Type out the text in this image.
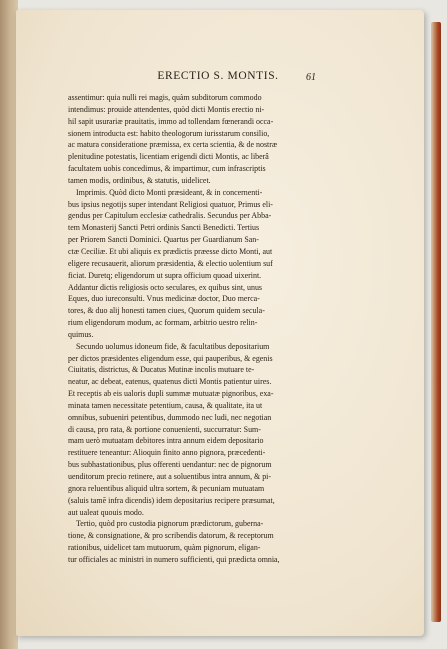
ERECTIO S. MONTIS.	61
assentimur: quia nulli rei magis, quàm subditorum commodo
intendimus: prouide attendentes, quòd dicti Montis erectio ni-
hil sapit usurariæ prauitatis, immo ad tollendam fœnerandi occa-
sionem introducta est: habito theologorum iurisstarum consilio,
ac matura consideratione præmissa, ex certa scientia, & de nostræ
plenitudine potestatis, licentiam erigendi dicti Montis, ac liberâ
facultatem uobis concedimus, & impartimur, cum infrascriptis
tamen modis, ordinibus, & statutis, uidelicet.
Imprimis. Quòd dicto Monti præsideant, & in concernenti-
bus ipsius negotijs super intendant Religiosi quatuor, Primus eli-
gendus per Capitulum ecclesiæ cathedralis. Secundus per Abba-
tem Monasterij Sancti Petri ordinis Sancti Benedicti. Tertius
per Priorem Sancti Dominici. Quartus per Guardianum San-
ctæ Ceciliæ. Et ubi aliquis ex prædictis præesse dicto Monti, aut
eligere recusauerit, aliorum præsidentia, & electio uolentium suf
ficiat. Duretq; eligendorum ut supra officium quoad uixerint.
Addantur dictis religiosis octo seculares, ex quibus sint, unus
Eques, duo iureconsulti. Vnus medicinæ doctor, Duo merca-
tores, & duo alij honesti tamen ciues, Quorum quidem secula-
rium eligendorum modum, ac formam, arbitrio uestro relin-
quimus.
Secundo uolumus idoneum fide, & facultatibus depositarium
per dictos præsidentes eligendum esse, qui pauperibus, & egenis
Ciuitatis, districtus, & Ducatus Mutinæ incolis mutuare te-
neatur, ac debeat, eatenus, quatenus dicti Montis patientur uires.
Et receptis ab eis ualoris dupli summæ mutuatæ pignoribus, exa-
minata tamen necessitate petentium, causa, & qualitate, ita ut
omnibus, subueniri petentibus, dummodo nec ludi, nec negotian
di causa, pro rata, & portione conuenienti, succurratur: Sum-
mam uerò mutuatam debitores intra annum eidem depositario
restituere teneantur: Alioquin finito anno pignora, præcedenti-
bus subhastationibus, plus offerenti uendantur: nec de pignorum
uenditorum precio retinere, aut a soluentibus intra annum, & pi-
gnora reluentibus aliquid ultra sortem, & pecuniam mutuatam
(saluis tamē infra dicendis) idem depositarius recipere præsumat,
aut ualeat quouis modo.
Tertio, quòd pro custodia pignorum prædictorum, guberna-
tione, & consignatione, & pro scribendis datorum, & receptorum
rationibus, uidelicet tam mutuorum, quàm pignorum, eligan-
tur officiales ac ministri in numero sufficienti, qui prædicta omnia,
